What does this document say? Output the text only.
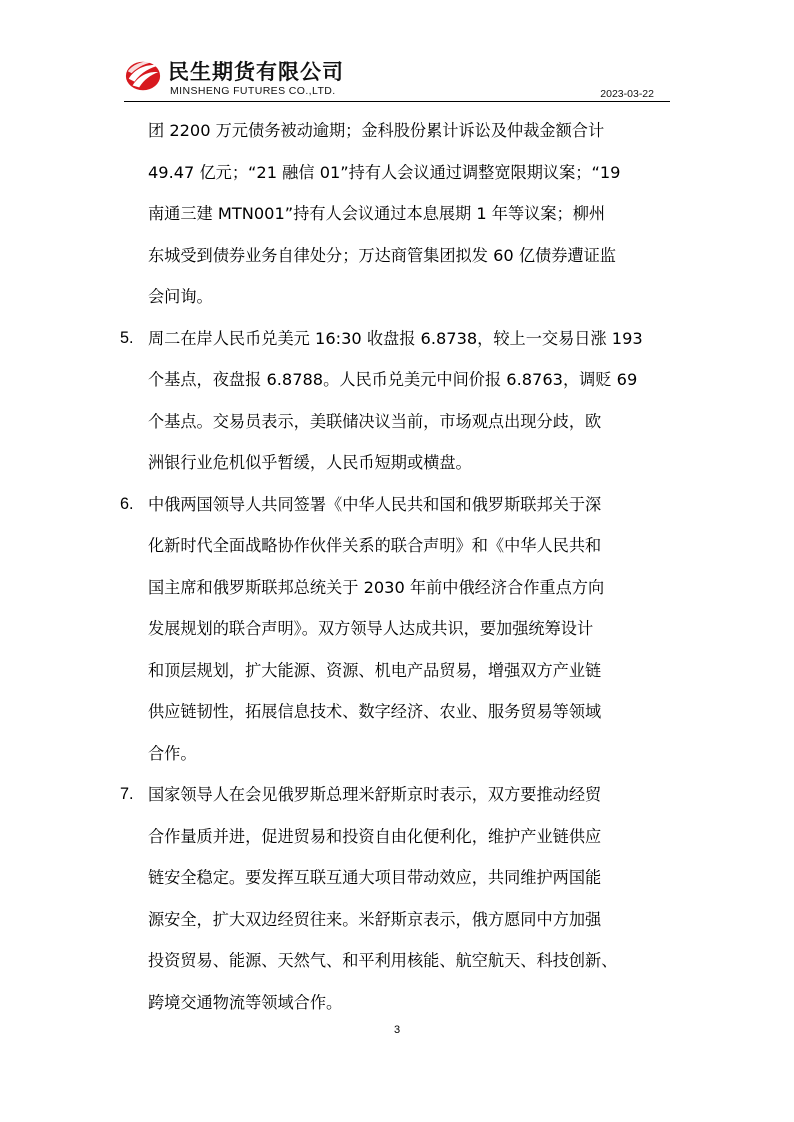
民生期货有限公司
MINSHENG FUTURES CO.,LTD.	2023-03-22
团 2200 万元债务被动逾期；金科股份累计诉讼及仲裁金额合计
49.47 亿元；“21 融信 01”持有人会议通过调整宽限期议案；“19
南通三建 MTN001”持有人会议通过本息展期 1 年等议案；柳州
东城受到债券业务自律处分；万达商管集团拟发 60 亿债券遭证监
会问询。
5. 周二在岸人民币兑美元 16:30 收盘报 6.8738，较上一交易日涨 193
个基点，夜盘报 6.8788。人民币兑美元中间价报 6.8763，调贬 69
个基点。交易员表示，美联储决议当前，市场观点出现分歧，欧
洲银行业危机似乎暂缓，人民币短期或横盘。
6. 中俄两国领导人共同签署《中华人民共和国和俄罗斯联邦关于深
化新时代全面战略协作伙伴关系的联合声明》和《中华人民共和
国主席和俄罗斯联邦总统关于 2030 年前中俄经济合作重点方向
发展规划的联合声明》。双方领导人达成共识，要加强统筹设计
和顶层规划，扩大能源、资源、机电产品贸易，增强双方产业链
供应链韧性，拓展信息技术、数字经济、农业、服务贸易等领域
合作。
7. 国家领导人在会见俄罗斯总理米舒斯京时表示，双方要推动经贸
合作量质并进，促进贸易和投资自由化便利化，维护产业链供应
链安全稳定。要发挥互联互通大项目带动效应，共同维护两国能
源安全，扩大双边经贸往来。米舒斯京表示，俄方愿同中方加强
投资贸易、能源、天然气、和平利用核能、航空航天、科技创新、
跨境交通物流等领域合作。
3
